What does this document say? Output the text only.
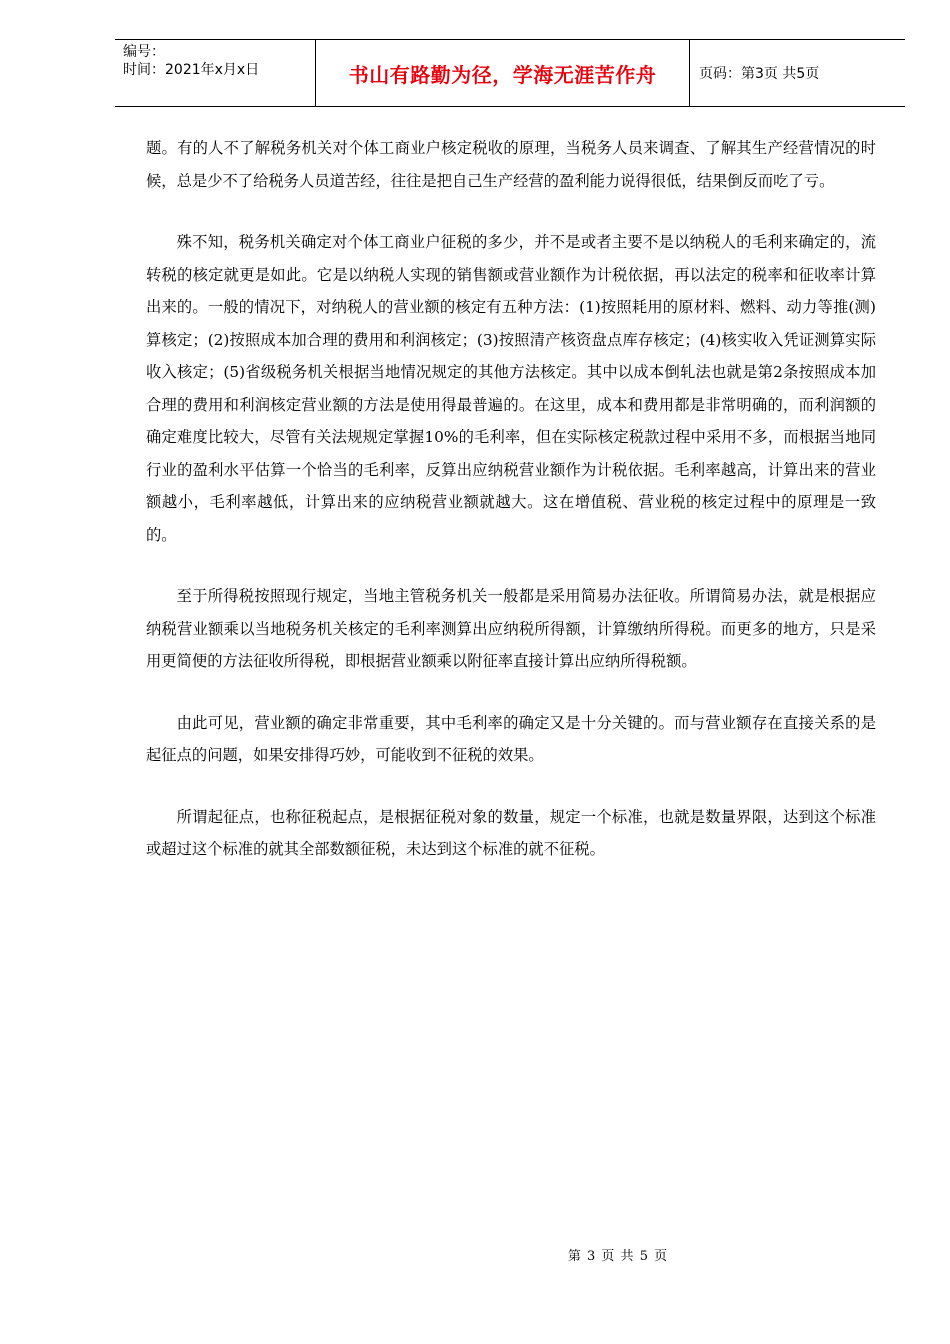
编号：
时间：2021年x月x日	书山有路勤为径，学海无涯苦作舟	页码：第3页 共5页

题。有的人不了解税务机关对个体工商业户核定税收的原理，当税务人员来调查、了解其生产经营情况的时候，总是少不了给税务人员道苦经，往往是把自己生产经营的盈利能力说得很低，结果倒反而吃了亏。

殊不知，税务机关确定对个体工商业户征税的多少，并不是或者主要不是以纳税人的毛利来确定的，流转税的核定就更是如此。它是以纳税人实现的销售额或营业额作为计税依据，再以法定的税率和征收率计算出来的。一般的情况下，对纳税人的营业额的核定有五种方法：(1)按照耗用的原材料、燃料、动力等推(测)算核定；(2)按照成本加合理的费用和利润核定；(3)按照清产核资盘点库存核定；(4)核实收入凭证测算实际收入核定；(5)省级税务机关根据当地情况规定的其他方法核定。其中以成本倒轧法也就是第2条按照成本加合理的费用和利润核定营业额的方法是使用得最普遍的。在这里，成本和费用都是非常明确的，而利润额的确定难度比较大，尽管有关法规规定掌握10%的毛利率，但在实际核定税款过程中采用不多，而根据当地同行业的盈利水平估算一个恰当的毛利率，反算出应纳税营业额作为计税依据。毛利率越高，计算出来的营业额越小，毛利率越低，计算出来的应纳税营业额就越大。这在增值税、营业税的核定过程中的原理是一致的。

至于所得税按照现行规定，当地主管税务机关一般都是采用简易办法征收。所谓简易办法，就是根据应纳税营业额乘以当地税务机关核定的毛利率测算出应纳税所得额，计算缴纳所得税。而更多的地方，只是采用更简便的方法征收所得税，即根据营业额乘以附征率直接计算出应纳所得税额。

由此可见，营业额的确定非常重要，其中毛利率的确定又是十分关键的。而与营业额存在直接关系的是起征点的问题，如果安排得巧妙，可能收到不征税的效果。

所谓起征点，也称征税起点，是根据征税对象的数量，规定一个标准，也就是数量界限，达到这个标准或超过这个标准的就其全部数额征税，未达到这个标准的就不征税。

第 3 页 共 5 页
